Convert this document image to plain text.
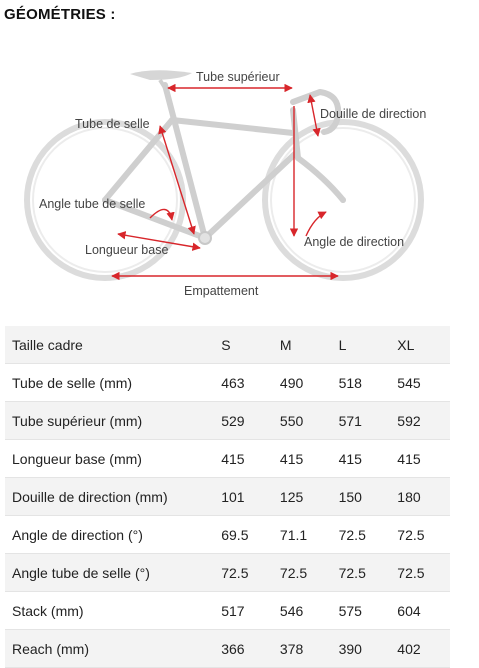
GÉOMÉTRIES :
Tube supérieur
Tube de selle
Douille de direction
Angle tube de selle
Longueur base
Angle de direction
Empattement
Taille cadre	S	M	L	XL
Tube de selle (mm)	463	490	518	545
Tube supérieur (mm)	529	550	571	592
Longueur base (mm)	415	415	415	415
Douille de direction (mm)	101	125	150	180
Angle de direction (°)	69.5	71.1	72.5	72.5
Angle tube de selle (°)	72.5	72.5	72.5	72.5
Stack (mm)	517	546	575	604
Reach (mm)	366	378	390	402
